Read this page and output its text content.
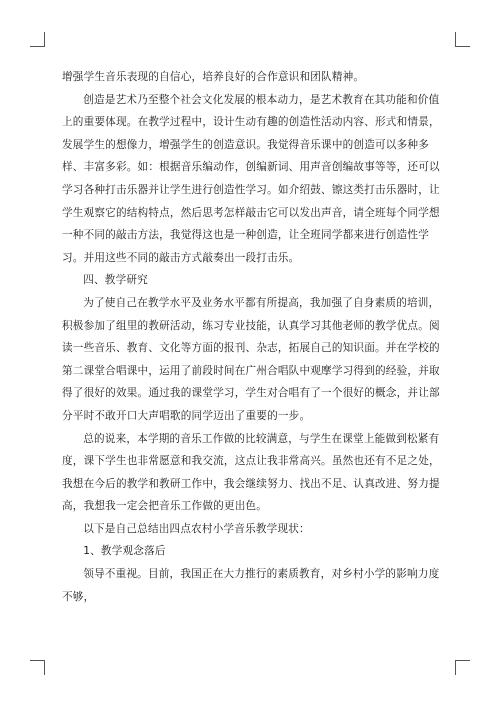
增强学生音乐表现的自信心，培养良好的合作意识和团队精神。

创造是艺术乃至整个社会文化发展的根本动力，是艺术教育在其功能和价值上的重要体现。在教学过程中，设计生动有趣的创造性活动内容、形式和情景，发展学生的想像力，增强学生的创造意识。我觉得音乐课中的创造可以多种多样、丰富多彩。如：根据音乐编动作，创编新词、用声音创编故事等等，还可以学习各种打击乐器并让学生进行创造性学习。如介绍鼓、镲这类打击乐器时，让学生观察它的结构特点，然后思考怎样敲击它可以发出声音，请全班每个同学想一种不同的敲击方法，我觉得这也是一种创造，让全班同学都来进行创造性学习。并用这些不同的敲击方式敲奏出一段打击乐。

四、教学研究

为了使自己在教学水平及业务水平都有所提高，我加强了自身素质的培训，积极参加了组里的教研活动，练习专业技能，认真学习其他老师的教学优点。阅读一些音乐、教育、文化等方面的报刊、杂志，拓展自己的知识面。并在学校的第二课堂合唱课中，运用了前段时间在广州合唱队中观摩学习得到的经验，并取得了很好的效果。通过我的课堂学习，学生对合唱有了一个很好的概念，并让部分平时不敢开口大声唱歌的同学迈出了重要的一步。

总的说来，本学期的音乐工作做的比较满意，与学生在课堂上能做到松紧有度，课下学生也非常愿意和我交流，这点让我非常高兴。虽然也还有不足之处，我想在今后的教学和教研工作中，我会继续努力、找出不足、认真改进、努力提高，我想我一定会把音乐工作做的更出色。

以下是自己总结出四点农村小学音乐教学现状：

1、教学观念落后

领导不重视。目前，我国正在大力推行的素质教育，对乡村小学的影响力度不够，
